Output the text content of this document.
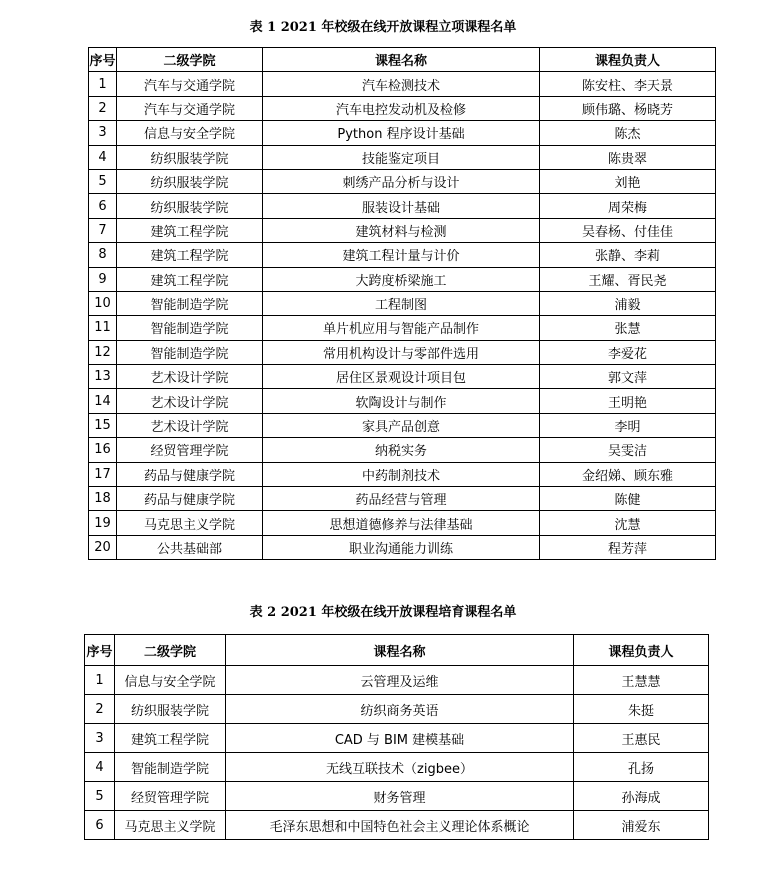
表 1 2021 年校级在线开放课程立项课程名单
序号	二级学院	课程名称	课程负责人
1	汽车与交通学院	汽车检测技术	陈安柱、李天景
2	汽车与交通学院	汽车电控发动机及检修	顾伟璐、杨晓芳
3	信息与安全学院	Python 程序设计基础	陈杰
4	纺织服装学院	技能鉴定项目	陈贵翠
5	纺织服装学院	刺绣产品分析与设计	刘艳
6	纺织服装学院	服装设计基础	周荣梅
7	建筑工程学院	建筑材料与检测	吴春杨、付佳佳
8	建筑工程学院	建筑工程计量与计价	张静、李莉
9	建筑工程学院	大跨度桥梁施工	王耀、胥民尧
10	智能制造学院	工程制图	浦毅
11	智能制造学院	单片机应用与智能产品制作	张慧
12	智能制造学院	常用机构设计与零部件选用	李爱花
13	艺术设计学院	居住区景观设计项目包	郭文萍
14	艺术设计学院	软陶设计与制作	王明艳
15	艺术设计学院	家具产品创意	李明
16	经贸管理学院	纳税实务	吴雯洁
17	药品与健康学院	中药制剂技术	金绍娣、顾东雅
18	药品与健康学院	药品经营与管理	陈健
19	马克思主义学院	思想道德修养与法律基础	沈慧
20	公共基础部	职业沟通能力训练	程芳萍
表 2 2021 年校级在线开放课程培育课程名单
序号	二级学院	课程名称	课程负责人
1	信息与安全学院	云管理及运维	王慧慧
2	纺织服装学院	纺织商务英语	朱挺
3	建筑工程学院	CAD 与 BIM 建模基础	王惠民
4	智能制造学院	无线互联技术（zigbee）	孔扬
5	经贸管理学院	财务管理	孙海成
6	马克思主义学院	毛泽东思想和中国特色社会主义理论体系概论	浦爱东
